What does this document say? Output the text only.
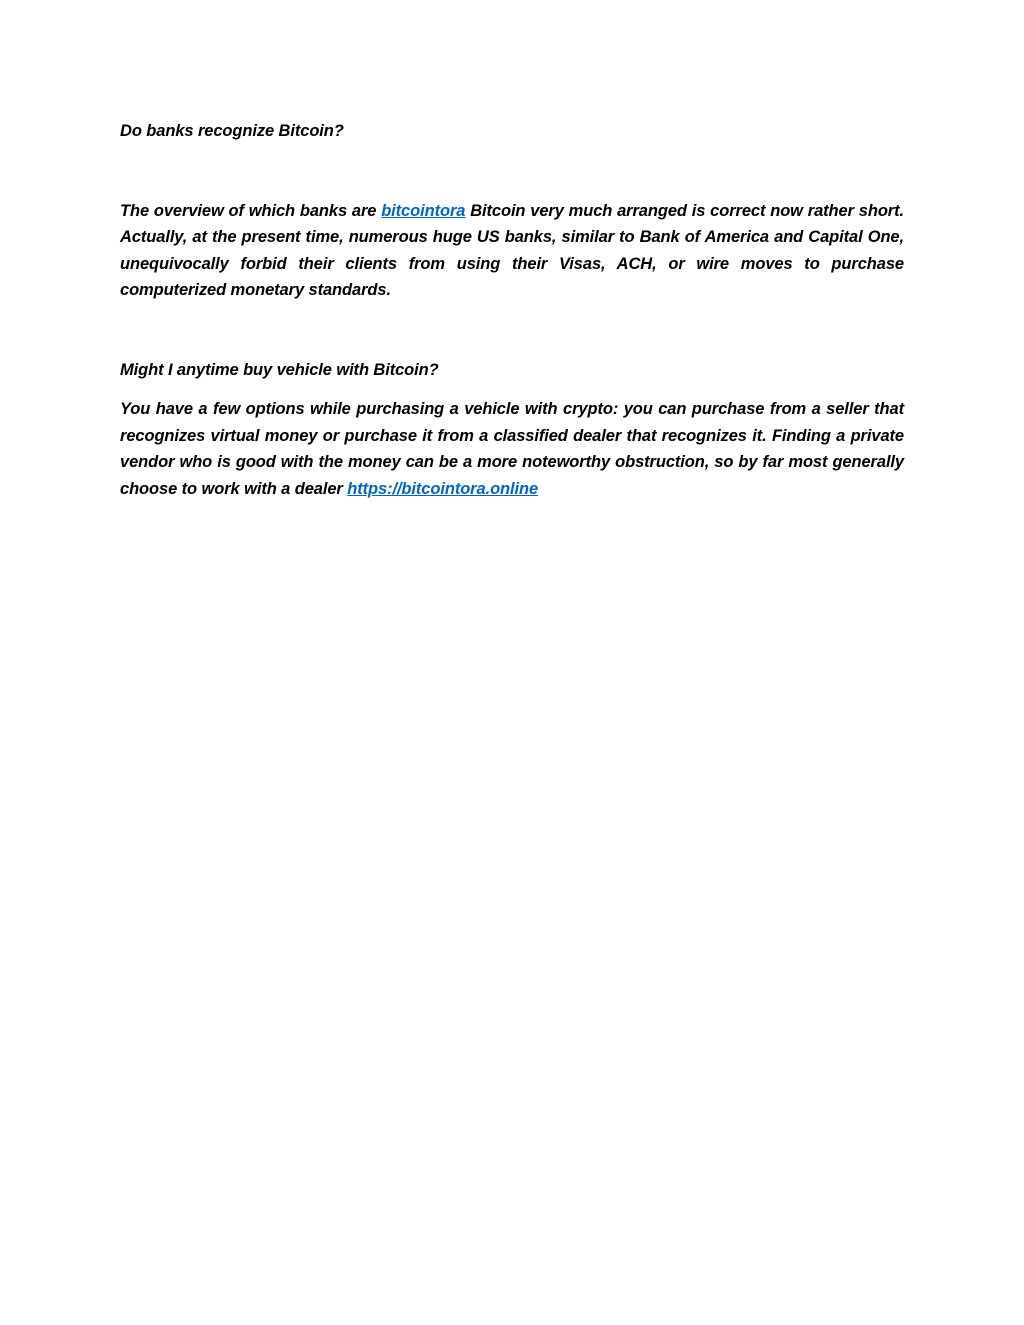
Do banks recognize Bitcoin?

The overview of which banks are bitcointora Bitcoin very much arranged is correct now rather short. Actually, at the present time, numerous huge US banks, similar to Bank of America and Capital One, unequivocally forbid their clients from using their Visas, ACH, or wire moves to purchase computerized monetary standards.

Might I anytime buy vehicle with Bitcoin?

You have a few options while purchasing a vehicle with crypto: you can purchase from a seller that recognizes virtual money or purchase it from a classified dealer that recognizes it. Finding a private vendor who is good with the money can be a more noteworthy obstruction, so by far most generally choose to work with a dealer https://bitcointora.online
